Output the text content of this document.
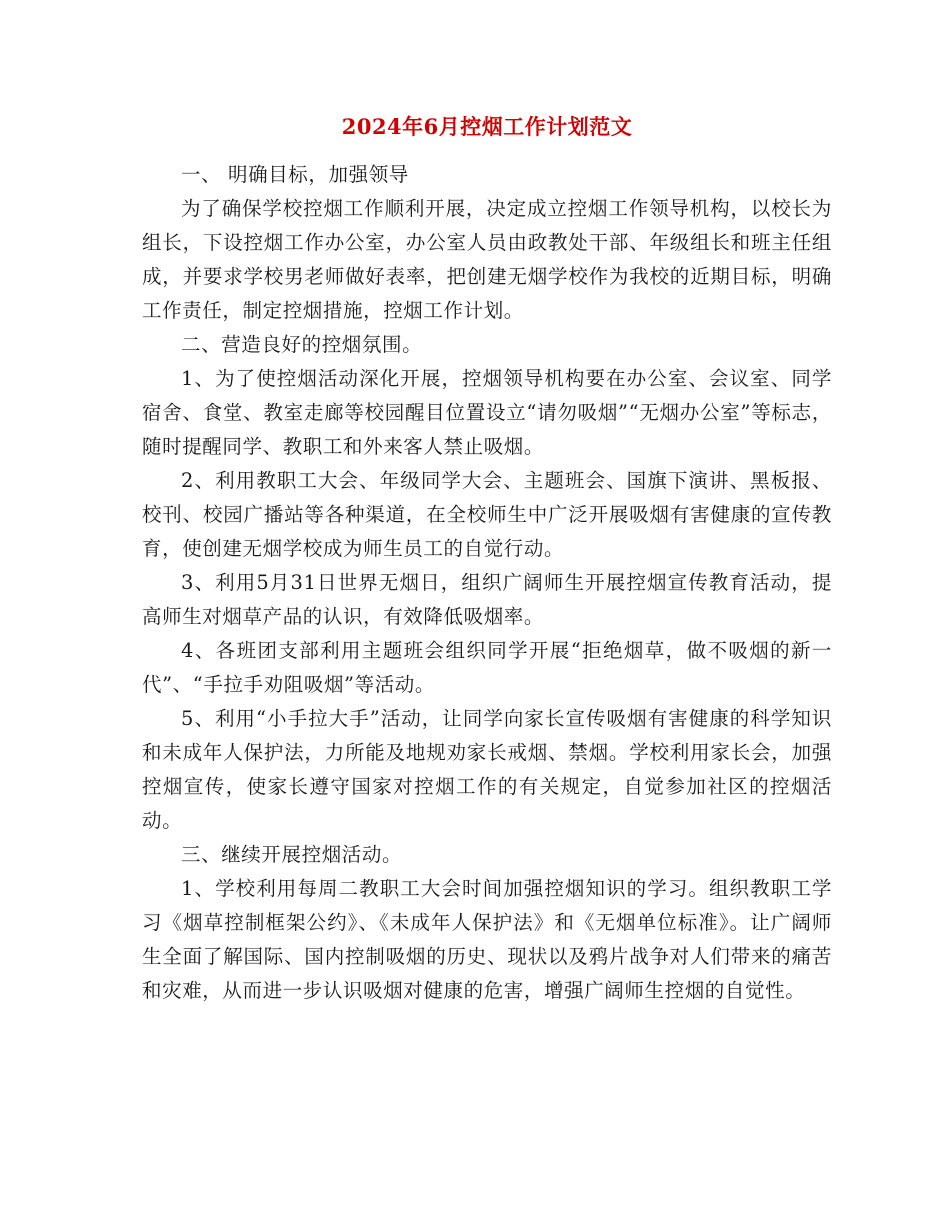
2024年6月控烟工作计划范文

一、 明确目标，加强领导

为了确保学校控烟工作顺利开展，决定成立控烟工作领导机构，以校长为组长，下设控烟工作办公室，办公室人员由政教处干部、年级组长和班主任组成，并要求学校男老师做好表率，把创建无烟学校作为我校的近期目标，明确工作责任，制定控烟措施，控烟工作计划。

二、营造良好的控烟氛围。

1、为了使控烟活动深化开展，控烟领导机构要在办公室、会议室、同学宿舍、食堂、教室走廊等校园醒目位置设立“请勿吸烟”“无烟办公室”等标志，随时提醒同学、教职工和外来客人禁止吸烟。

2、利用教职工大会、年级同学大会、主题班会、国旗下演讲、黑板报、校刊、校园广播站等各种渠道，在全校师生中广泛开展吸烟有害健康的宣传教育，使创建无烟学校成为师生员工的自觉行动。

3、利用5月31日世界无烟日，组织广阔师生开展控烟宣传教育活动，提高师生对烟草产品的认识，有效降低吸烟率。

4、各班团支部利用主题班会组织同学开展“拒绝烟草，做不吸烟的新一代”、“手拉手劝阻吸烟”等活动。

5、利用“小手拉大手”活动，让同学向家长宣传吸烟有害健康的科学知识和未成年人保护法，力所能及地规劝家长戒烟、禁烟。学校利用家长会，加强控烟宣传，使家长遵守国家对控烟工作的有关规定，自觉参加社区的控烟活动。

三、继续开展控烟活动。

1、学校利用每周二教职工大会时间加强控烟知识的学习。组织教职工学习《烟草控制框架公约》、《未成年人保护法》和《无烟单位标准》。让广阔师生全面了解国际、国内控制吸烟的历史、现状以及鸦片战争对人们带来的痛苦和灾难，从而进一步认识吸烟对健康的危害，增强广阔师生控烟的自觉性。
